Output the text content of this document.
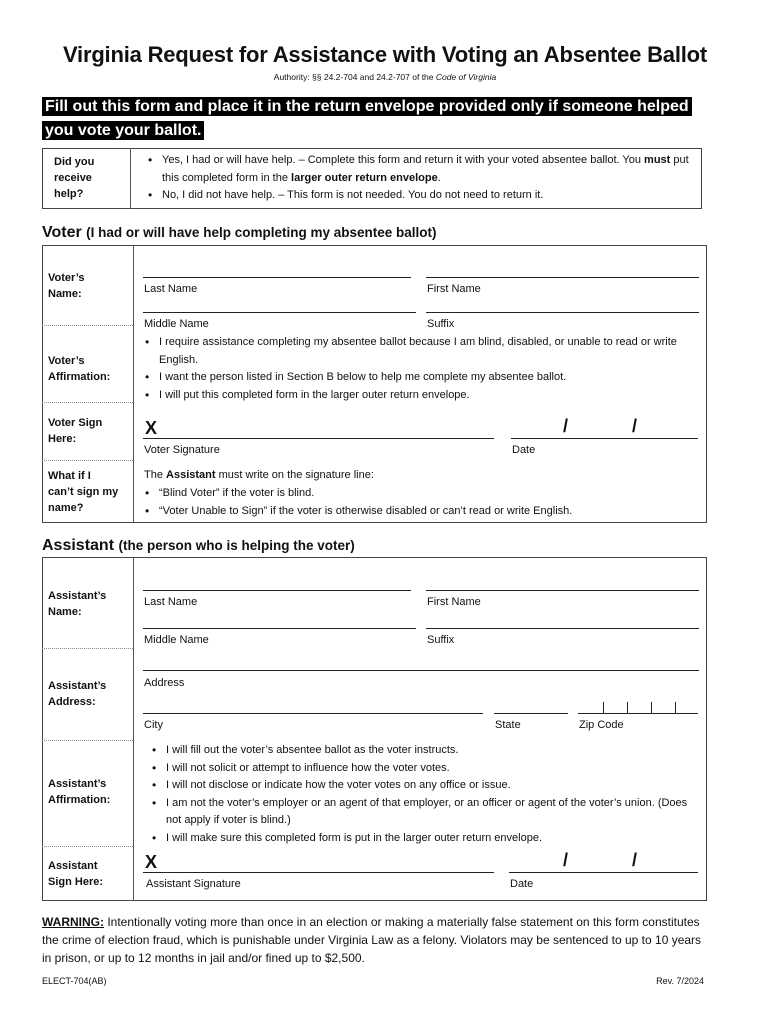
Virginia Request for Assistance with Voting an Absentee Ballot
Authority: §§ 24.2-704 and 24.2-707 of the Code of Virginia
Fill out this form and place it in the return envelope provided only if someone helped you vote your ballot.
Did you
receive
help?
• Yes, I had or will have help. – Complete this form and return it with your voted absentee ballot. You must put this completed form in the larger outer return envelope.
• No, I did not have help. – This form is not needed. You do not need to return it.
Voter (I had or will have help completing my absentee ballot)
Voter’s
Name:	Last Name	First Name
Middle Name	Suffix
Voter’s
Affirmation:
• I require assistance completing my absentee ballot because I am blind, disabled, or unable to read or write English.
• I want the person listed in Section B below to help me complete my absentee ballot.
• I will put this completed form in the larger outer return envelope.
Voter Sign
Here:
X
Voter Signature
/	/
Date
What if I
can’t sign my
name?
The Assistant must write on the signature line:
• “Blind Voter” if the voter is blind.
• “Voter Unable to Sign” if the voter is otherwise disabled or can’t read or write English.
Assistant (the person who is helping the voter)
Assistant’s
Name:
Last Name	First Name
Middle Name	Suffix
Assistant’s
Address:
Address
City	State	Zip Code
Assistant’s
Affirmation:
• I will fill out the voter’s absentee ballot as the voter instructs.
• I will not solicit or attempt to influence how the voter votes.
• I will not disclose or indicate how the voter votes on any office or issue.
• I am not the voter’s employer or an agent of that employer, or an officer or agent of the voter’s union. (Does not apply if voter is blind.)
• I will make sure this completed form is put in the larger outer return envelope.
Assistant
Sign Here:
X
Assistant Signature
/	/
Date
WARNING: Intentionally voting more than once in an election or making a materially false statement on this form constitutes the crime of election fraud, which is punishable under Virginia Law as a felony. Violators may be sentenced to up to 10 years in prison, or up to 12 months in jail and/or fined up to $2,500.
ELECT-704(AB)	Rev. 7/2024
